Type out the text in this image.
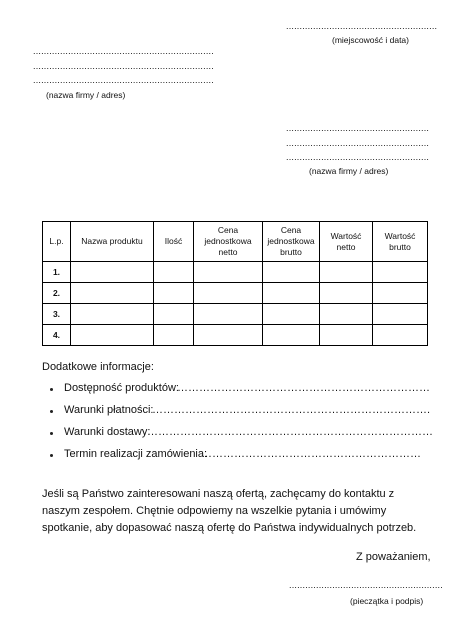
........................................................
(miejscowość i data)
...................................................................
...................................................................
...................................................................
(nazwa firmy / adres)
.....................................................
.....................................................
.....................................................
(nazwa firmy / adres)
L.p.	Nazwa produktu	Ilość	Cena jednostkowa netto	Cena jednostkowa brutto	Wartość netto	Wartość brutto
1.						
2.						
3.						
4.						
Dodatkowe informacje:
Dostępność produktów:
……………………………………………………………
Warunki płatności:
………………………………………………………………….
Warunki dostawy:
……………………………………………………………………
Termin realizacji zamówienia:
……………………………………………………
Jeśli są Państwo zainteresowani naszą ofertą, zachęcamy do kontaktu z naszym zespołem. Chętnie odpowiemy na wszelkie pytania i umówimy spotkanie, aby dopasować naszą ofertę do Państwa indywidualnych potrzeb.
Z poważaniem,
.........................................................
(pieczątka i podpis)
